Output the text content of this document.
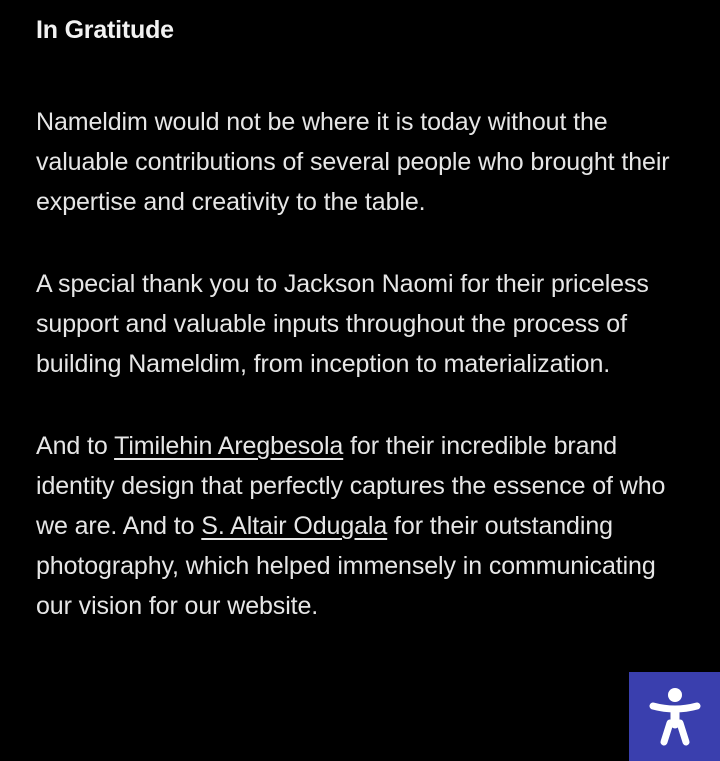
In Gratitude

Nameldim would not be where it is today without the valuable contributions of several people who brought their expertise and creativity to the table.

A special thank you to Jackson Naomi for their priceless support and valuable inputs throughout the process of building Nameldim, from inception to materialization.

And to Timilehin Aregbesola for their incredible brand identity design that perfectly captures the essence of who we are. And to S. Altair Odugala for their outstanding photography, which helped immensely in communicating our vision for our website.
